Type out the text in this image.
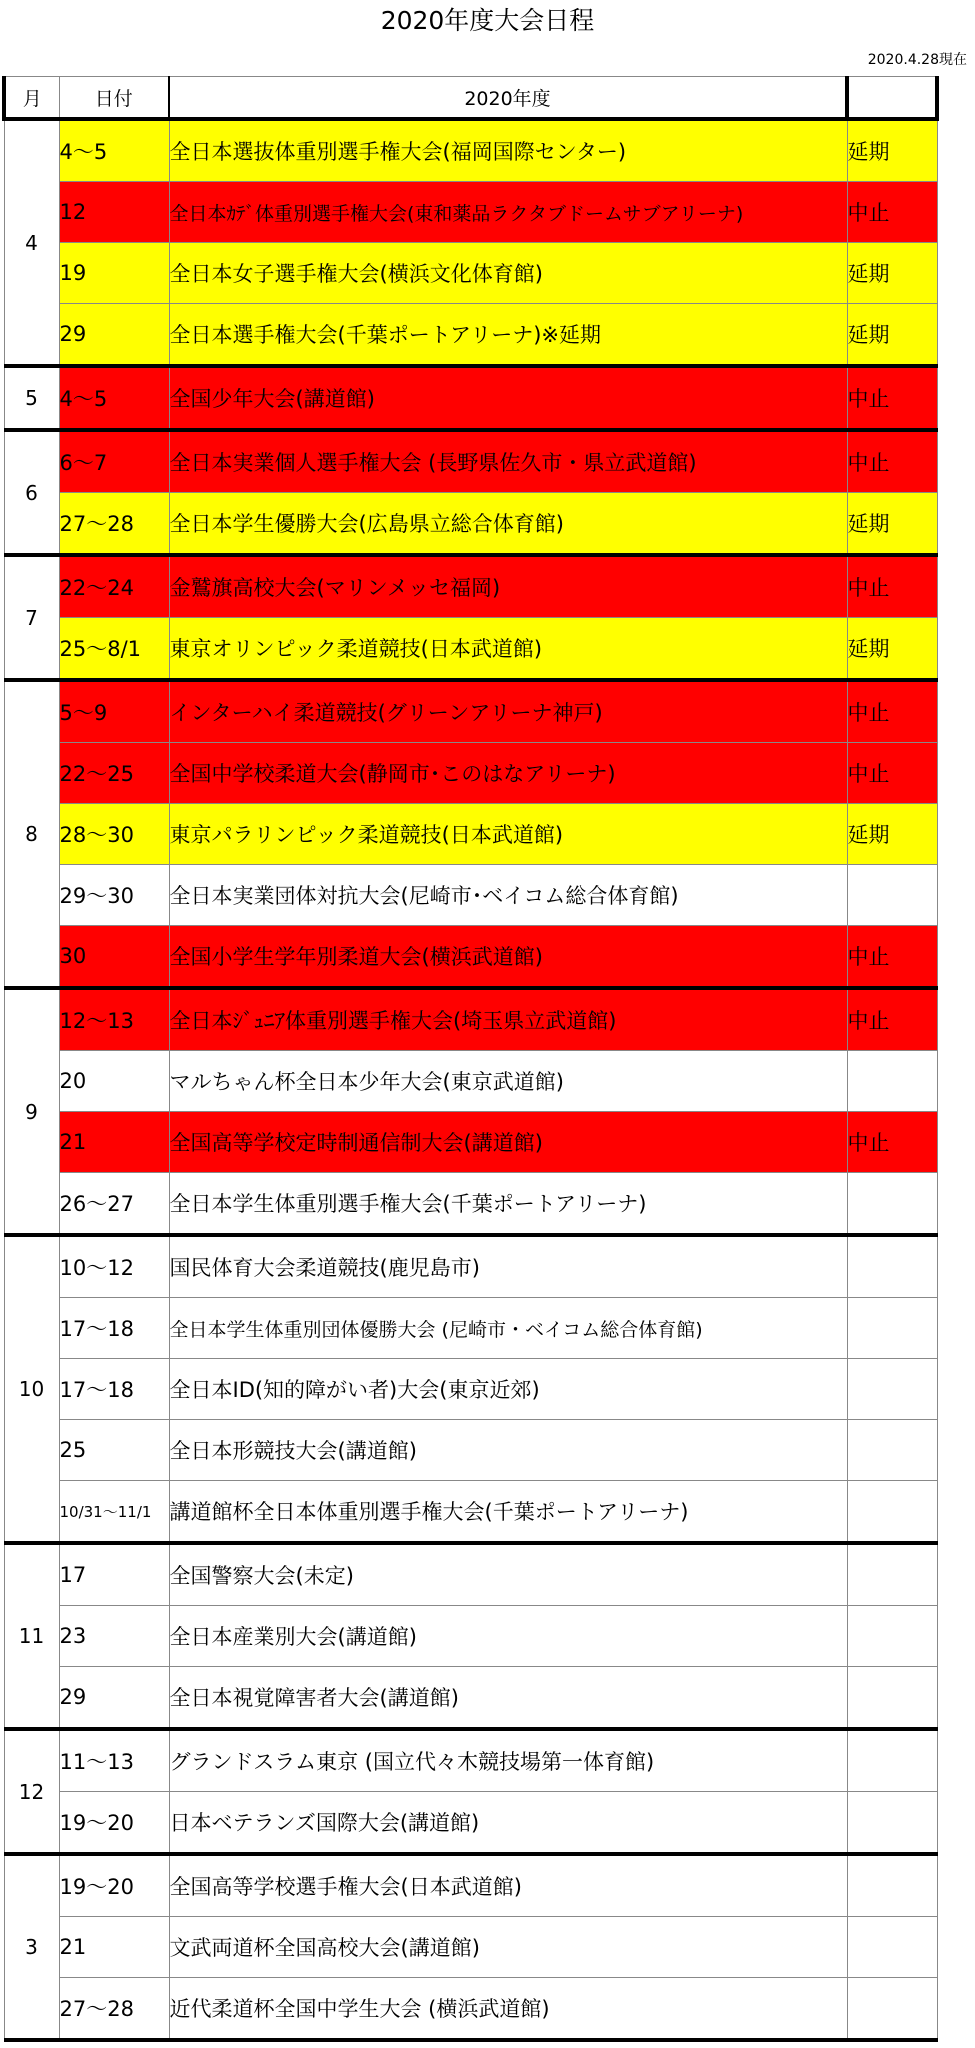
2020年度大会日程
2020.4.28現在
月	日付	2020年度	
4	4〜5	全日本選抜体重別選手権大会(福岡国際センター)	延期
	12	全日本ｶﾃﾞ体重別選手権大会(東和薬品ラクタブドームサブアリーナ)	中止
	19	全日本女子選手権大会(横浜文化体育館)	延期
	29	全日本選手権大会(千葉ポートアリーナ)※延期	延期
5	4〜5	全国少年大会(講道館)	中止
6	6〜7	全日本実業個人選手権大会 (長野県佐久市・県立武道館)	中止
	27〜28	全日本学生優勝大会(広島県立総合体育館)	延期
7	22〜24	金鷲旗高校大会(マリンメッセ福岡)	中止
	25〜8/1	東京オリンピック柔道競技(日本武道館)	延期
8	5〜9	インターハイ柔道競技(グリーンアリーナ神戸)	中止
	22〜25	全国中学校柔道大会(静岡市･このはなアリーナ)	中止
	28〜30	東京パラリンピック柔道競技(日本武道館)	延期
	29〜30	全日本実業団体対抗大会(尼崎市･ベイコム総合体育館)	
	30	全国小学生学年別柔道大会(横浜武道館)	中止
9	12〜13	全日本ｼﾞｭﾆｱ体重別選手権大会(埼玉県立武道館)	中止
	20	マルちゃん杯全日本少年大会(東京武道館)	
	21	全国高等学校定時制通信制大会(講道館)	中止
	26〜27	全日本学生体重別選手権大会(千葉ポートアリーナ)	
10	10〜12	国民体育大会柔道競技(鹿児島市)	
	17〜18	全日本学生体重別団体優勝大会 (尼崎市・ベイコム総合体育館)	
	17〜18	全日本ID(知的障がい者)大会(東京近郊)	
	25	全日本形競技大会(講道館)	
	10/31〜11/1	講道館杯全日本体重別選手権大会(千葉ポートアリーナ)	
11	17	全国警察大会(未定)	
	23	全日本産業別大会(講道館)	
	29	全日本視覚障害者大会(講道館)	
12	11〜13	グランドスラム東京 (国立代々木競技場第一体育館)	
	19〜20	日本ベテランズ国際大会(講道館)	
3	19〜20	全国高等学校選手権大会(日本武道館)	
	21	文武両道杯全国高校大会(講道館)	
	27〜28	近代柔道杯全国中学生大会 (横浜武道館)	
